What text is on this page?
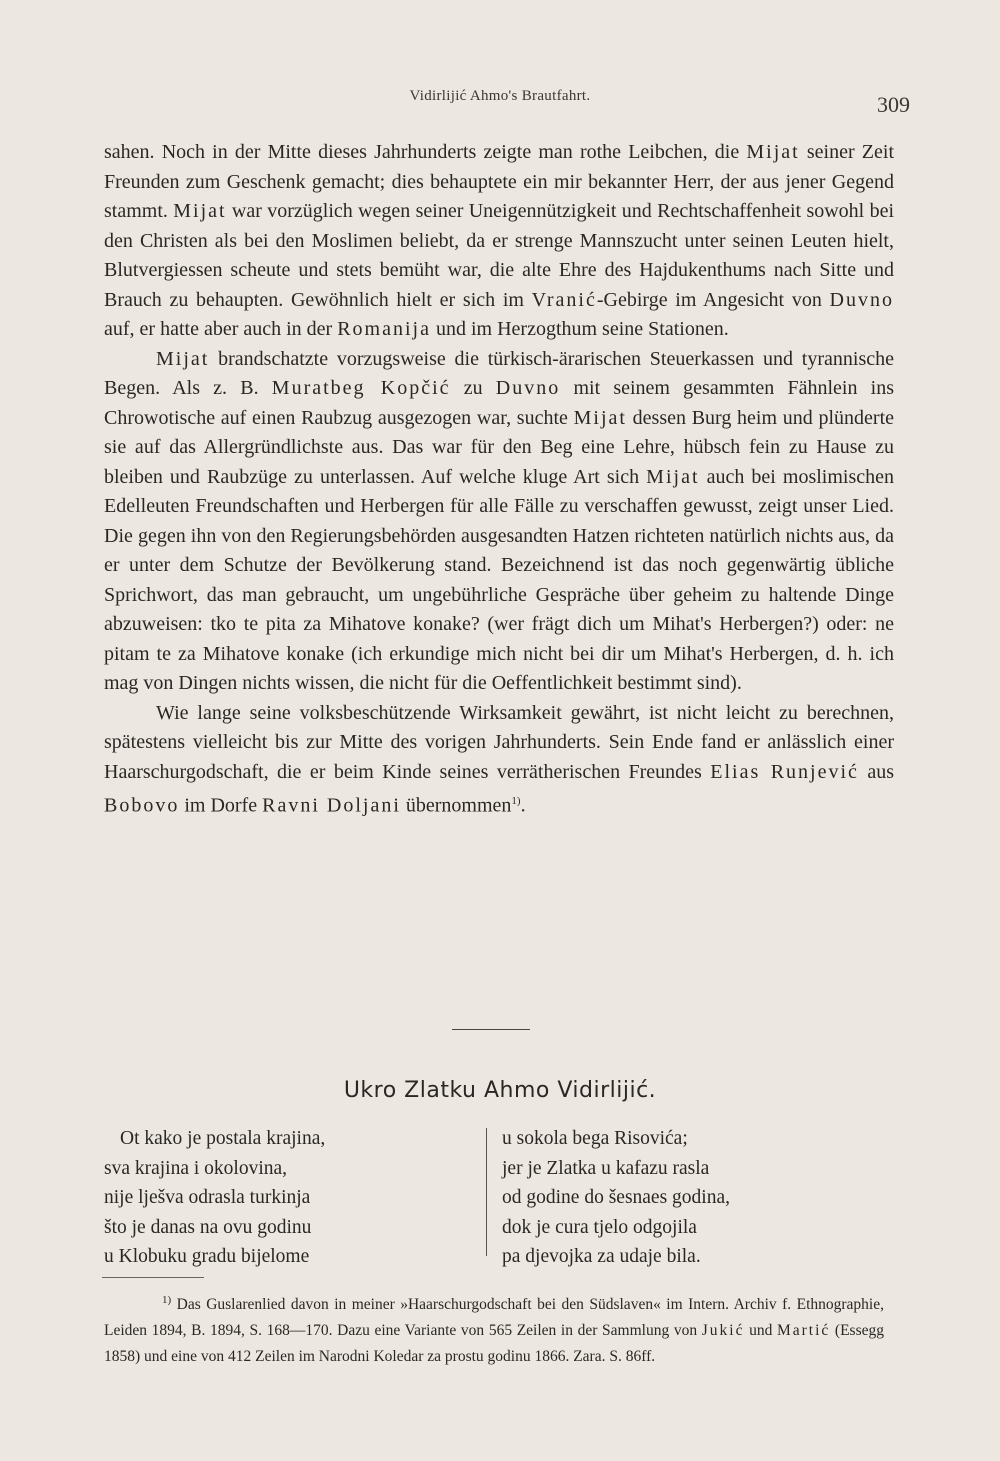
Vidirlijić Ahmo's Brautfahrt.	309

sahen. Noch in der Mitte dieses Jahrhunderts zeigte man rothe Leibchen, die Mijat seiner Zeit Freunden zum Geschenk gemacht; dies behauptete ein mir bekannter Herr, der aus jener Gegend stammt. Mijat war vorzüglich wegen seiner Uneigennützigkeit und Rechtschaffenheit sowohl bei den Christen als bei den Moslimen beliebt, da er strenge Mannszucht unter seinen Leuten hielt, Blutvergiessen scheute und stets bemüht war, die alte Ehre des Hajdukenthums nach Sitte und Brauch zu behaupten. Gewöhnlich hielt er sich im Vranić-Gebirge im Angesicht von Duvno auf, er hatte aber auch in der Romanija und im Herzogthum seine Stationen.

Mijat brandschatzte vorzugsweise die türkisch-ärarischen Steuerkassen und tyrannische Begen. Als z. B. Muratbeg Kopčić zu Duvno mit seinem gesammten Fähnlein ins Chrowotische auf einen Raubzug ausgezogen war, suchte Mijat dessen Burg heim und plünderte sie auf das Allergründlichste aus. Das war für den Beg eine Lehre, hübsch fein zu Hause zu bleiben und Raubzüge zu unterlassen. Auf welche kluge Art sich Mijat auch bei moslimischen Edelleuten Freundschaften und Herbergen für alle Fälle zu verschaffen gewusst, zeigt unser Lied. Die gegen ihn von den Regierungsbehörden ausgesandten Hatzen richteten natürlich nichts aus, da er unter dem Schutze der Bevölkerung stand. Bezeichnend ist das noch gegenwärtig übliche Sprichwort, das man gebraucht, um ungebührliche Gespräche über geheim zu haltende Dinge abzuweisen: tko te pita za Mihatove konake? (wer frägt dich um Mihat's Herbergen?) oder: ne pitam te za Mihatove konake (ich erkundige mich nicht bei dir um Mihat's Herbergen, d. h. ich mag von Dingen nichts wissen, die nicht für die Oeffentlichkeit bestimmt sind).

Wie lange seine volksbeschützende Wirksamkeit gewährt, ist nicht leicht zu berechnen, spätestens vielleicht bis zur Mitte des vorigen Jahrhunderts. Sein Ende fand er anlässlich einer Haarschurgodschaft, die er beim Kinde seines verrätherischen Freundes Elias Runjević aus Bobovo im Dorfe Ravni Doljani übernommen$^{1)}$.

Ukro Zlatku Ahmo Vidirlijić.
Ot kako je postala krajina,
sva krajina i okolovina,
nije lješva odrasla turkinja
što je danas na ovu godinu
u Klobuku gradu bijelome
u sokola bega Risovića;
jer je Zlatka u kafazu rasla
od godine do šesnaes godina,
dok je cura tjelo odgojila
pa djevojka za udaje bila.

$^{1)}$ Das Guslarenlied davon in meiner »Haarschurgodschaft bei den Südslaven« im Intern. Archiv f. Ethnographie, Leiden 1894, B. 1894, S. 168—170. Dazu eine Variante von 565 Zeilen in der Sammlung von Jukić und Martić (Essegg 1858) und eine von 412 Zeilen im Narodni Koledar za prostu godinu 1866. Zara. S. 86ff.
